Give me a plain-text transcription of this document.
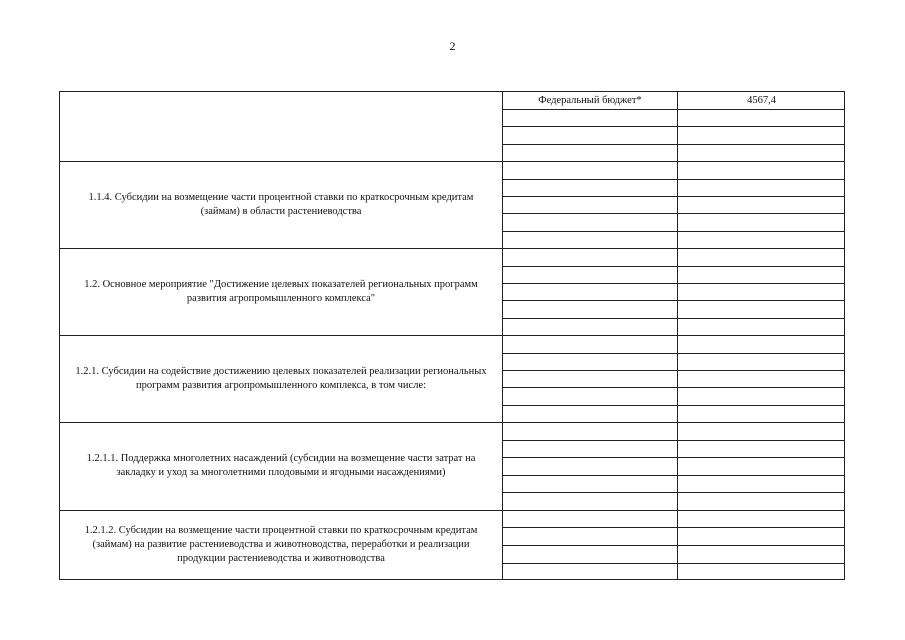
2
Федеральный бюджет*	4567,4
1.1.4. Субсидии на возмещение части процентной ставки по краткосрочным кредитам (займам) в области растениеводства
1.2. Основное мероприятие "Достижение целевых показателей региональных программ развития агропромышленного комплекса"
1.2.1. Субсидии на содействие достижению целевых показателей реализации региональных программ развития агропромышленного комплекса, в том числе:
1.2.1.1. Поддержка многолетних насаждений (субсидии на возмещение части затрат на закладку и уход за многолетними плодовыми и ягодными насаждениями)
1.2.1.2. Субсидии на возмещение части процентной ставки по краткосрочным кредитам (займам) на развитие растениеводства и животноводства, переработки и реализации продукции растениеводства и животноводства
